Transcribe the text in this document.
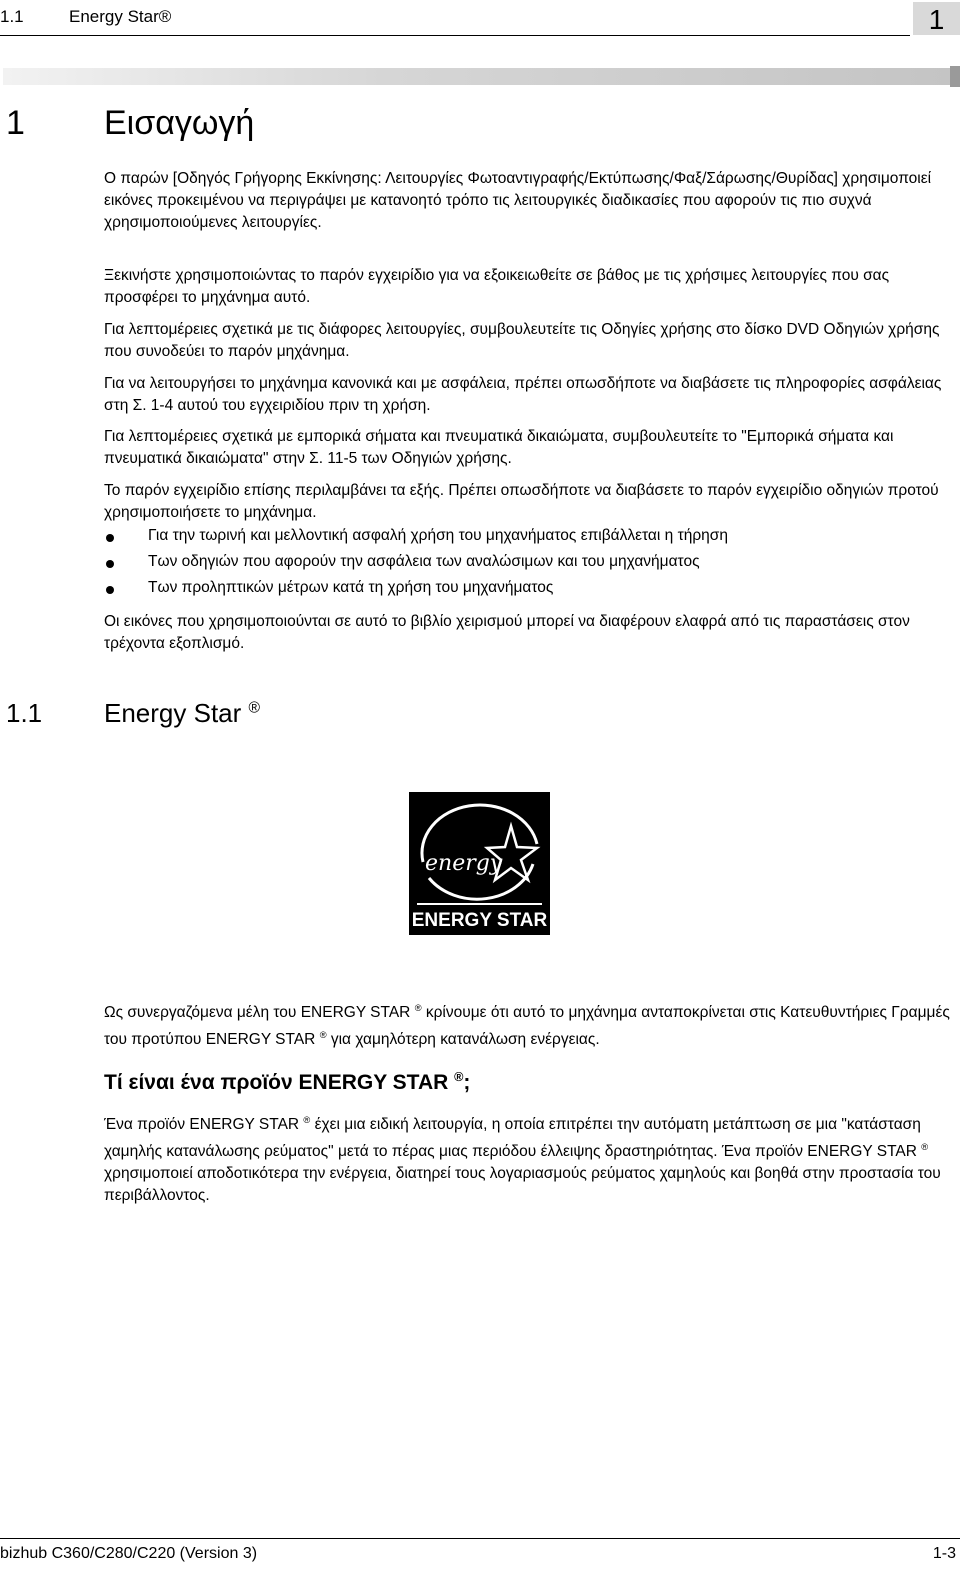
1.1	Energy Star®	1
1 Εισαγωγή

Ο παρών [Οδηγός Γρήγορης Εκκίνησης: Λειτουργίες Φωτοαντιγραφής/Εκτύπωσης/Φαξ/Σάρωσης/Θυρίδας] χρησιμοποιεί εικόνες προκειμένου να περιγράψει με κατανοητό τρόπο τις λειτουργικές διαδικασίες που αφορούν τις πιο συχνά χρησιμοποιούμενες λειτουργίες.

Ξεκινήστε χρησιμοποιώντας το παρόν εγχειρίδιο για να εξοικειωθείτε σε βάθος με τις χρήσιμες λειτουργίες που σας προσφέρει το μηχάνημα αυτό.

Για λεπτομέρειες σχετικά με τις διάφορες λειτουργίες, συμβουλευτείτε τις Οδηγίες χρήσης στο δίσκο DVD Οδηγιών χρήσης που συνοδεύει το παρόν μηχάνημα.

Για να λειτουργήσει το μηχάνημα κανονικά και με ασφάλεια, πρέπει οπωσδήποτε να διαβάσετε τις πληροφορίες ασφάλειας στη Σ. 1-4 αυτού του εγχειριδίου πριν τη χρήση.

Για λεπτομέρειες σχετικά με εμπορικά σήματα και πνευματικά δικαιώματα, συμβουλευτείτε το "Εμπορικά σήματα και πνευματικά δικαιώματα" στην Σ. 11-5 των Οδηγιών χρήσης.

Το παρόν εγχειρίδιο επίσης περιλαμβάνει τα εξής. Πρέπει οπωσδήποτε να διαβάσετε το παρόν εγχειρίδιο οδηγιών προτού χρησιμοποιήσετε το μηχάνημα.

Για την τωρινή και μελλοντική ασφαλή χρήση του μηχανήματος επιβάλλεται η τήρηση
Των οδηγιών που αφορούν την ασφάλεια των αναλώσιμων και του μηχανήματος
Των προληπτικών μέτρων κατά τη χρήση του μηχανήματος

Οι εικόνες που χρησιμοποιούνται σε αυτό το βιβλίο χειρισμού μπορεί να διαφέρουν ελαφρά από τις παραστάσεις στον τρέχοντα εξοπλισμό.

1.1 Energy Star ®
energy
ENERGY STAR

Ως συνεργαζόμενα μέλη του ENERGY STAR ® κρίνουμε ότι αυτό το μηχάνημα ανταποκρίνεται στις Κατευθυντήριες Γραμμές του προτύπου ENERGY STAR ® για χαμηλότερη κατανάλωση ενέργειας.

Τί είναι ένα προϊόν ENERGY STAR ®;

Ένα προϊόν ENERGY STAR ® έχει μια ειδική λειτουργία, η οποία επιτρέπει την αυτόματη μετάπτωση σε μια "κατάσταση χαμηλής κατανάλωσης ρεύματος" μετά το πέρας μιας περιόδου έλλειψης δραστηριότητας. Ένα προϊόν ENERGY STAR ® χρησιμοποιεί αποδοτικότερα την ενέργεια, διατηρεί τους λογαριασμούς ρεύματος χαμηλούς και βοηθά στην προστασία του περιβάλλοντος.

bizhub C360/C280/C220 (Version 3)	1-3
